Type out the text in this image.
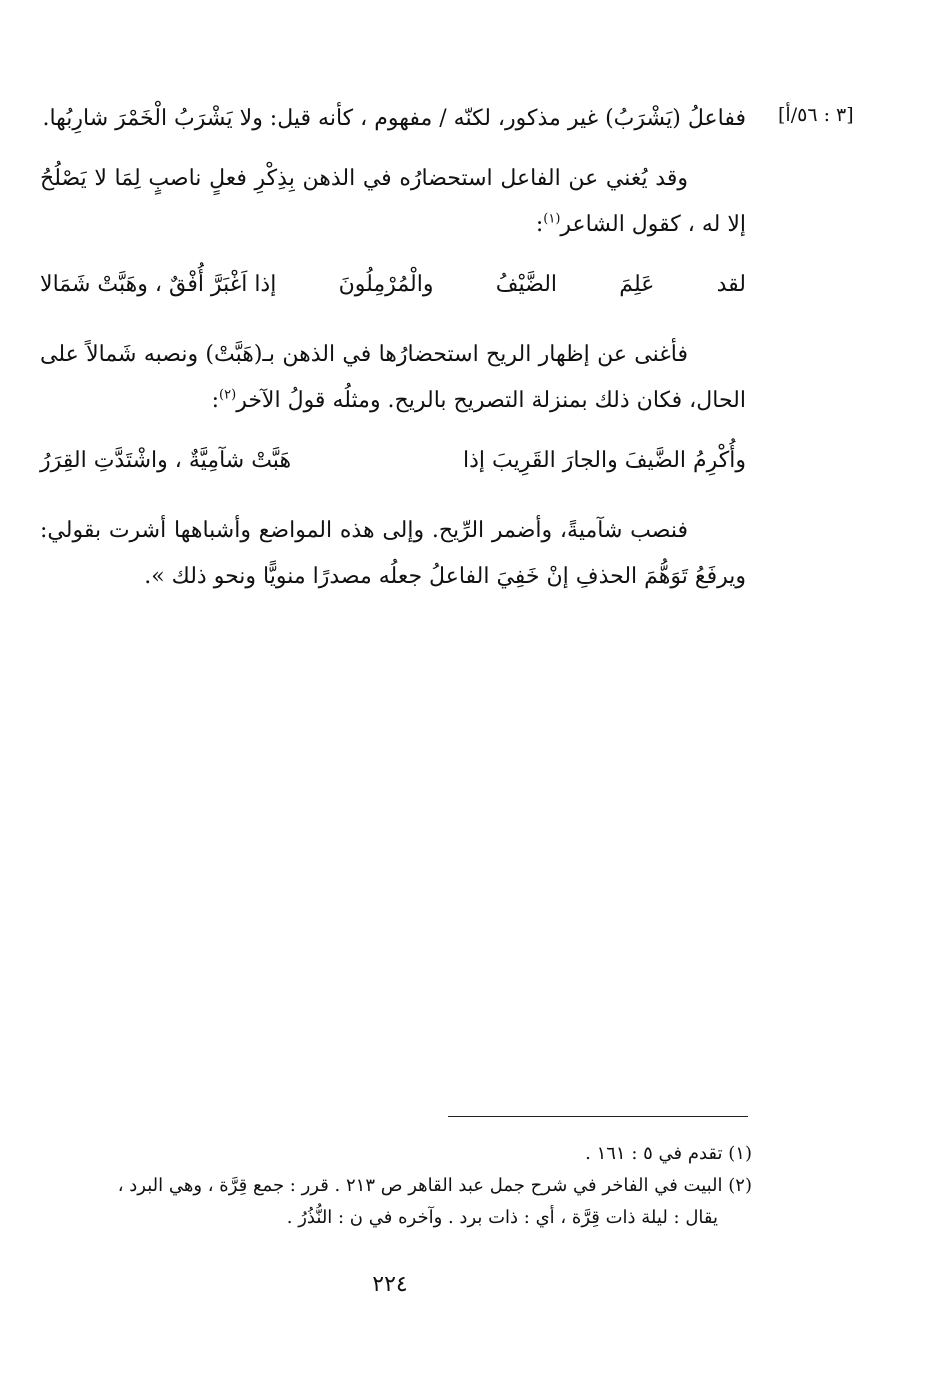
[٣ : ٥٦/أ]

ففاعلُ (يَشْرَبُ) غير مذكور، لكنّه / مفهوم ، كأنه قيل: ولا يَشْرَبُ الْخَمْرَ شارِبُها.

وقد يُغني عن الفاعل استحضارُه في الذهن بِذِكْرِ فعلٍ ناصبٍ لِمَا لا يَصْلُحُ إلا له ، كقول الشاعر$^{(١)}$:

لقد
عَلِمَ
الضَّيْفُ
والْمُرْمِلُونَ
إذا اَغْبَرَّ أُفْقٌ ، وهَبَّتْ شَمَالا

فأغنى عن إظهار الريح استحضارُها في الذهن بـ(هَبَّتْ) ونصبه شَمالاً على الحال، فكان ذلك بمنزلة التصريح بالريح. ومثلُه قولُ الآخر$^{(٢)}$:

وأُكْرِمُ الضَّيفَ والجارَ القَرِيبَ إذا
هَبَّتْ شآمِيَّةٌ ، واشْتَدَّتِ القِرَرُ

فنصب شآميةً، وأضمر الرِّيح. وإلى هذه المواضع وأشباهها أشرت بقولي: ويرفَعُ تَوَهُّمَ الحذفِ إنْ خَفِيَ الفاعلُ جعلُه مصدرًا منويًّا ونحو ذلك ».

(١) تقدم في ٥ : ١٦١ .

(٢) البيت في الفاخر في شرح جمل عبد القاهر ص ٢١٣ . قرر : جمع قِرَّة ، وهي البرد ،

يقال : ليلة ذات قِرَّة ، أي : ذات برد . وآخره في ن : النُّذُرُ .

٢٢٤
